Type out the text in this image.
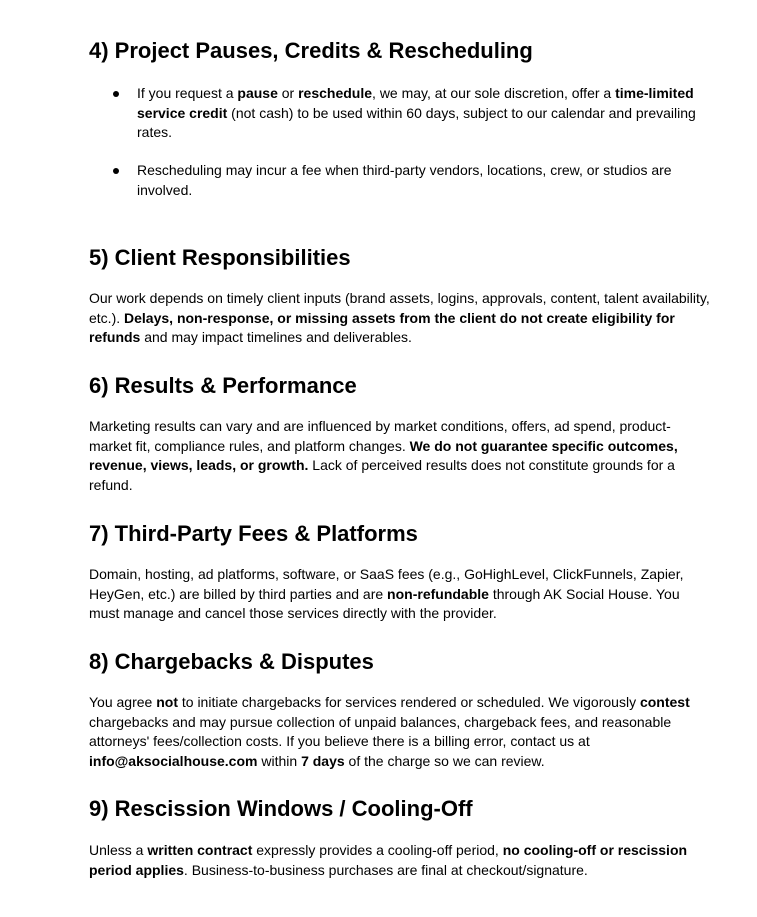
4) Project Pauses, Credits & Rescheduling
If you request a pause or reschedule, we may, at our sole discretion, offer a time-limited service credit (not cash) to be used within 60 days, subject to our calendar and prevailing rates.
Rescheduling may incur a fee when third-party vendors, locations, crew, or studios are involved.
5) Client Responsibilities

Our work depends on timely client inputs (brand assets, logins, approvals, content, talent availability, etc.). Delays, non-response, or missing assets from the client do not create eligibility for refunds and may impact timelines and deliverables.

6) Results & Performance

Marketing results can vary and are influenced by market conditions, offers, ad spend, product-market fit, compliance rules, and platform changes. We do not guarantee specific outcomes, revenue, views, leads, or growth. Lack of perceived results does not constitute grounds for a refund.

7) Third-Party Fees & Platforms

Domain, hosting, ad platforms, software, or SaaS fees (e.g., GoHighLevel, ClickFunnels, Zapier, HeyGen, etc.) are billed by third parties and are non-refundable through AK Social House. You must manage and cancel those services directly with the provider.

8) Chargebacks & Disputes

You agree not to initiate chargebacks for services rendered or scheduled. We vigorously contest chargebacks and may pursue collection of unpaid balances, chargeback fees, and reasonable attorneys' fees/collection costs. If you believe there is a billing error, contact us at info@aksocialhouse.com within 7 days of the charge so we can review.

9) Rescission Windows / Cooling-Off

Unless a written contract expressly provides a cooling-off period, no cooling-off or rescission period applies. Business-to-business purchases are final at checkout/signature.
